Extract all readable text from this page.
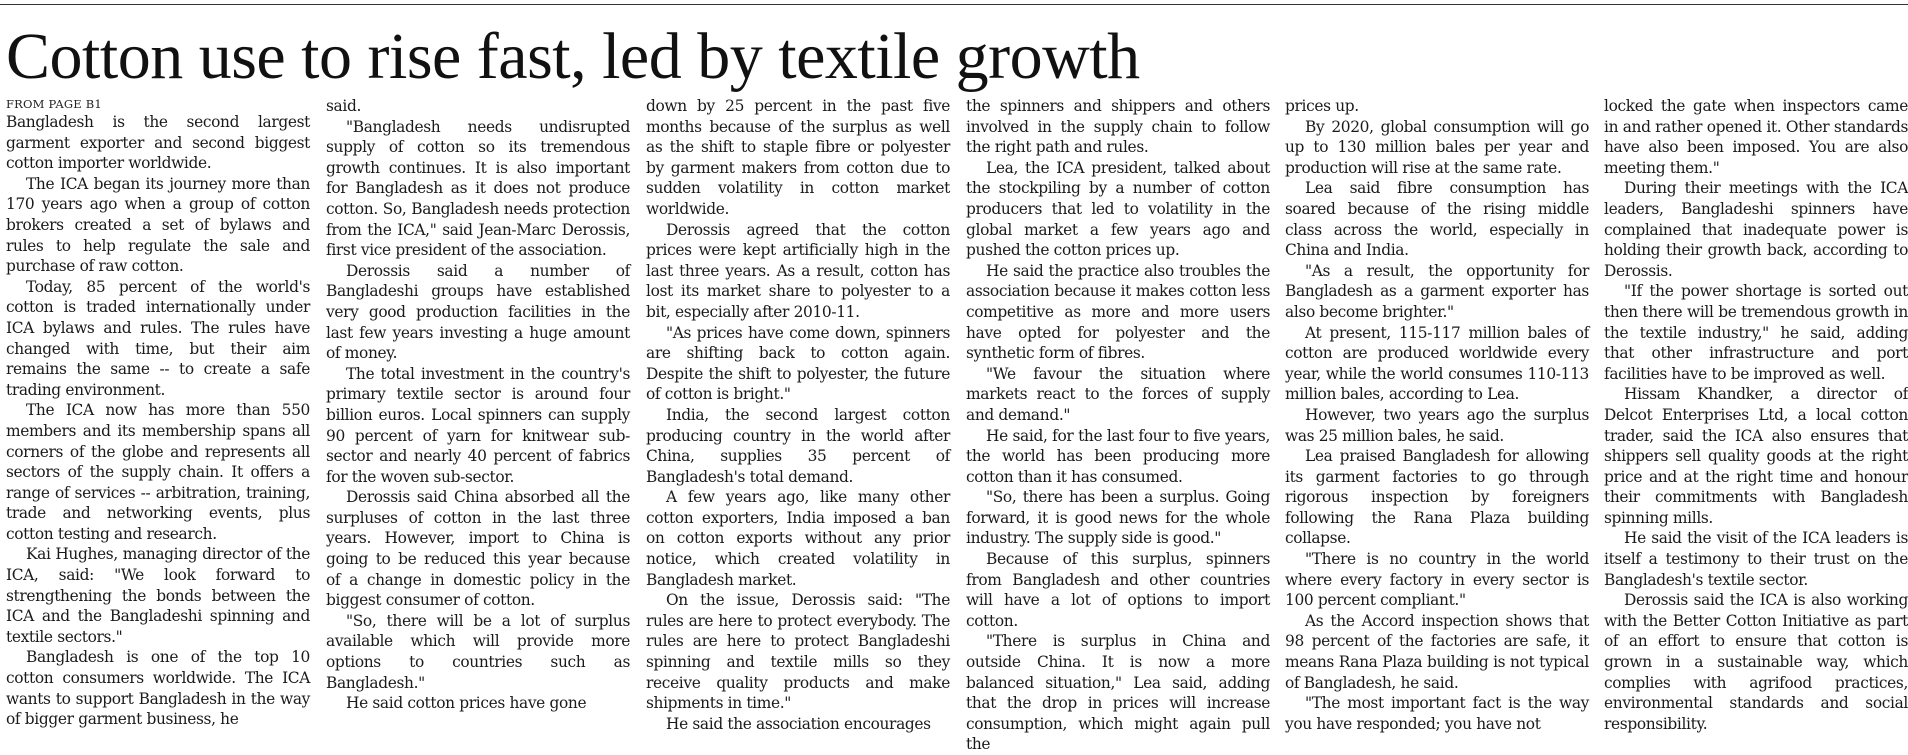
Cotton use to rise fast, led by textile growth
FROM PAGE B1

Bangladesh is the second largest garment exporter and second biggest cotton importer worldwide.

The ICA began its journey more than 170 years ago when a group of cotton brokers created a set of bylaws and rules to help regulate the sale and purchase of raw cotton.

Today, 85 percent of the world's cotton is traded internationally under ICA bylaws and rules. The rules have changed with time, but their aim remains the same -- to create a safe trading environment.

The ICA now has more than 550 members and its membership spans all corners of the globe and represents all sectors of the supply chain. It offers a range of services -- arbitration, training, trade and networking events, plus cotton testing and research.

Kai Hughes, managing director of the ICA, said: "We look forward to strengthening the bonds between the ICA and the Bangladeshi spinning and textile sectors."

Bangladesh is one of the top 10 cotton consumers worldwide. The ICA wants to support Bangladesh in the way of bigger garment business, he

said.

"Bangladesh needs undisrupted supply of cotton so its tremendous growth continues. It is also important for Bangladesh as it does not produce cotton. So, Bangladesh needs protection from the ICA," said Jean-Marc Derossis, first vice president of the association.

Derossis said a number of Bangladeshi groups have established very good production facilities in the last few years investing a huge amount of money.

The total investment in the country's primary textile sector is around four billion euros. Local spinners can supply 90 percent of yarn for knitwear sub-sector and nearly 40 percent of fabrics for the woven sub-sector.

Derossis said China absorbed all the surpluses of cotton in the last three years. However, import to China is going to be reduced this year because of a change in domestic policy in the biggest consumer of cotton.

"So, there will be a lot of surplus available which will provide more options to countries such as Bangladesh."

He said cotton prices have gone

down by 25 percent in the past five months because of the surplus as well as the shift to staple fibre or polyester by garment makers from cotton due to sudden volatility in cotton market worldwide.

Derossis agreed that the cotton prices were kept artificially high in the last three years. As a result, cotton has lost its market share to polyester to a bit, especially after 2010-11.

"As prices have come down, spinners are shifting back to cotton again. Despite the shift to polyester, the future of cotton is bright."

India, the second largest cotton producing country in the world after China, supplies 35 percent of Bangladesh's total demand.

A few years ago, like many other cotton exporters, India imposed a ban on cotton exports without any prior notice, which created volatility in Bangladesh market.

On the issue, Derossis said: "The rules are here to protect everybody. The rules are here to protect Bangladeshi spinning and textile mills so they receive quality products and make shipments in time."

He said the association encourages

the spinners and shippers and others involved in the supply chain to follow the right path and rules.

Lea, the ICA president, talked about the stockpiling by a number of cotton producers that led to volatility in the global market a few years ago and pushed the cotton prices up.

He said the practice also troubles the association because it makes cotton less competitive as more and more users have opted for polyester and the synthetic form of fibres.

"We favour the situation where markets react to the forces of supply and demand."

He said, for the last four to five years, the world has been producing more cotton than it has consumed.

"So, there has been a surplus. Going forward, it is good news for the whole industry. The supply side is good."

Because of this surplus, spinners from Bangladesh and other countries will have a lot of options to import cotton.

"There is surplus in China and outside China. It is now a more balanced situation," Lea said, adding that the drop in prices will increase consumption, which might again pull the

prices up.

By 2020, global consumption will go up to 130 million bales per year and production will rise at the same rate.

Lea said fibre consumption has soared because of the rising middle class across the world, especially in China and India.

"As a result, the opportunity for Bangladesh as a garment exporter has also become brighter."

At present, 115-117 million bales of cotton are produced worldwide every year, while the world consumes 110-113 million bales, according to Lea.

However, two years ago the surplus was 25 million bales, he said.

Lea praised Bangladesh for allowing its garment factories to go through rigorous inspection by foreigners following the Rana Plaza building collapse.

"There is no country in the world where every factory in every sector is 100 percent compliant."

As the Accord inspection shows that 98 percent of the factories are safe, it means Rana Plaza building is not typical of Bangladesh, he said.

"The most important fact is the way you have responded; you have not

locked the gate when inspectors came in and rather opened it. Other standards have also been imposed. You are also meeting them."

During their meetings with the ICA leaders, Bangladeshi spinners have complained that inadequate power is holding their growth back, according to Derossis.

"If the power shortage is sorted out then there will be tremendous growth in the textile industry," he said, adding that other infrastructure and port facilities have to be improved as well.

Hissam Khandker, a director of Delcot Enterprises Ltd, a local cotton trader, said the ICA also ensures that shippers sell quality goods at the right price and at the right time and honour their commitments with Bangladesh spinning mills.

He said the visit of the ICA leaders is itself a testimony to their trust on the Bangladesh's textile sector.

Derossis said the ICA is also working with the Better Cotton Initiative as part of an effort to ensure that cotton is grown in a sustainable way, which complies with agrifood practices, environmental standards and social responsibility.
